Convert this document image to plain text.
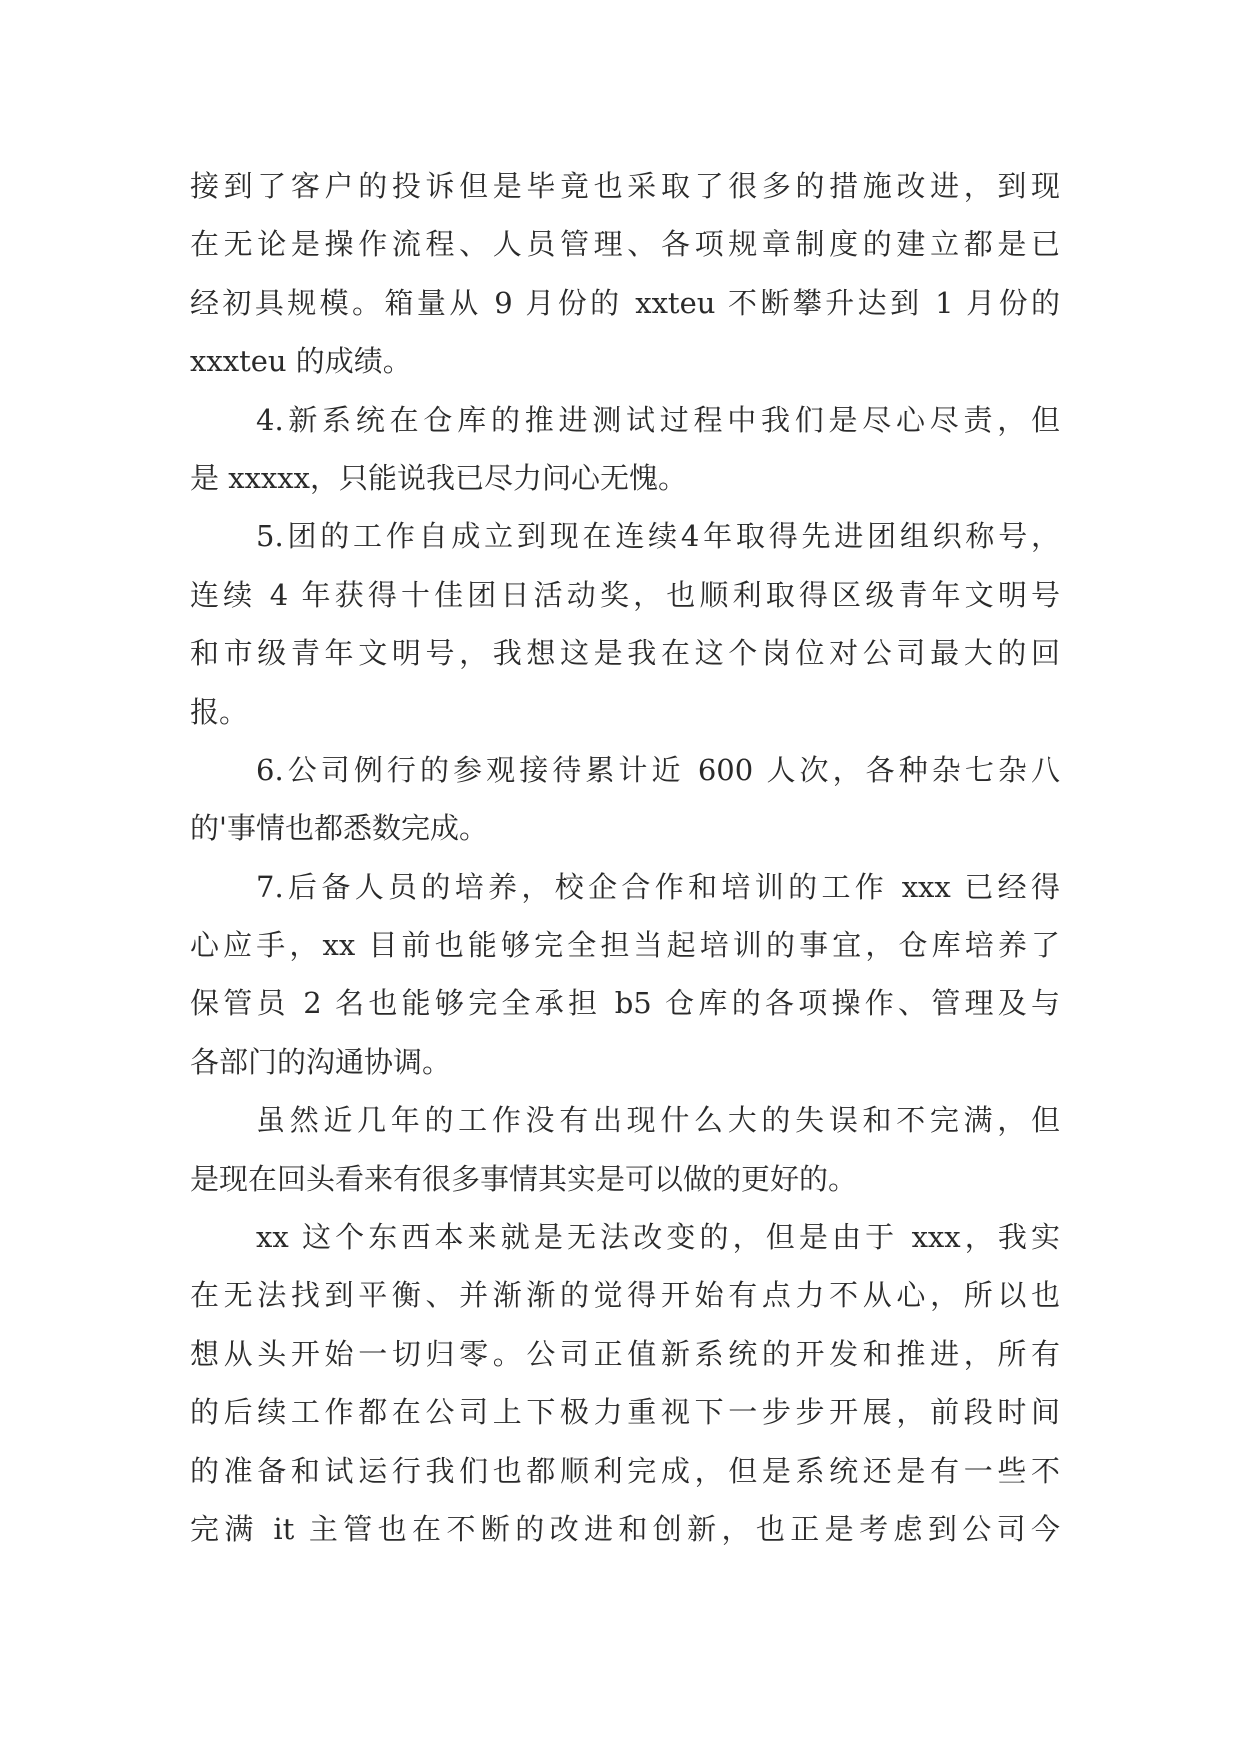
接到了客户的投诉但是毕竟也采取了很多的措施改进，到现
在无论是操作流程、人员管理、各项规章制度的建立都是已
经初具规模。箱量从 9 月份的 xxteu 不断攀升达到 1 月份的
xxxteu 的成绩。
4.新系统在仓库的推进测试过程中我们是尽心尽责，但
是 xxxxx，只能说我已尽力问心无愧。
5.团的工作自成立到现在连续4年取得先进团组织称号，
连续 4 年获得十佳团日活动奖，也顺利取得区级青年文明号
和市级青年文明号，我想这是我在这个岗位对公司最大的回
报。
6.公司例行的参观接待累计近 600 人次，各种杂七杂八
的'事情也都悉数完成。
7.后备人员的培养，校企合作和培训的工作 xxx 已经得
心应手，xx 目前也能够完全担当起培训的事宜，仓库培养了
保管员 2 名也能够完全承担 b5 仓库的各项操作、管理及与
各部门的沟通协调。
虽然近几年的工作没有出现什么大的失误和不完满，但
是现在回头看来有很多事情其实是可以做的更好的。
xx 这个东西本来就是无法改变的，但是由于 xxx，我实
在无法找到平衡、并渐渐的觉得开始有点力不从心，所以也
想从头开始一切归零。公司正值新系统的开发和推进，所有
的后续工作都在公司上下极力重视下一步步开展，前段时间
的准备和试运行我们也都顺利完成，但是系统还是有一些不
完满 it 主管也在不断的改进和创新，也正是考虑到公司今
